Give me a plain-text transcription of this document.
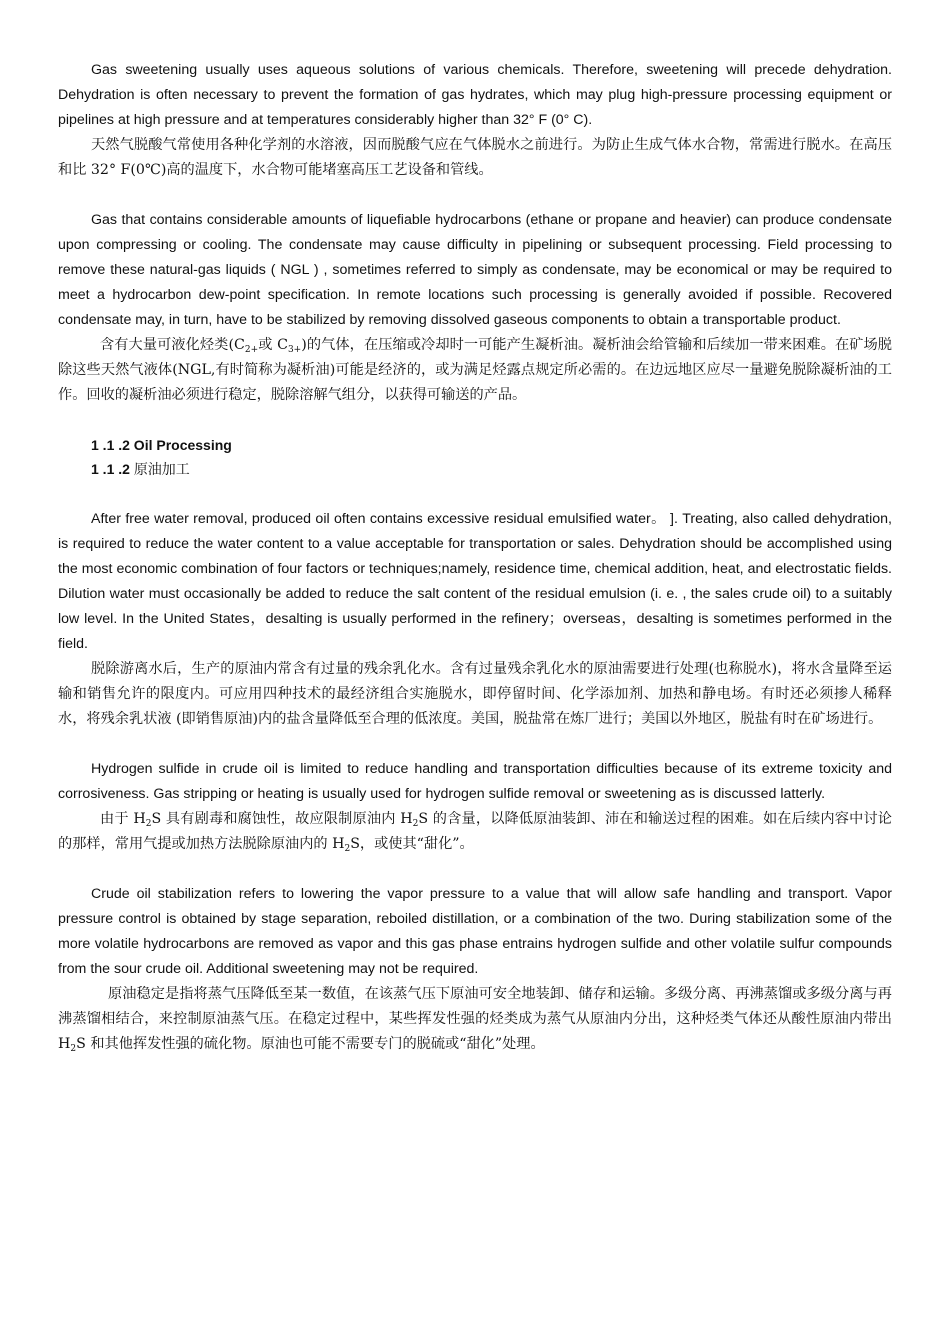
Gas sweetening usually uses aqueous solutions of various chemicals. Therefore, sweetening will precede dehydration. Dehydration is often necessary to prevent the formation of gas hydrates, which may plug high-pressure processing equipment or pipelines at high pressure and at temperatures considerably higher than 32° F (0° C).

天然气脱酸气常使用各种化学剂的水溶液，因而脱酸气应在气体脱水之前进行。为防止生成气体水合物，常需进行脱水。在高压和比 32° F(0℃)高的温度下，水合物可能堵塞高压工艺设备和管线。

Gas that contains considerable amounts of liquefiable hydrocarbons (ethane or propane and heavier) can produce condensate upon compressing or cooling. The condensate may cause difficulty in pipelining or subsequent processing. Field processing to remove these natural-gas liquids ( NGL ) , sometimes referred to simply as condensate, may be economical or may be required to meet a hydrocarbon dew-point specification. In remote locations such processing is generally avoided if possible. Recovered condensate may, in turn, have to be stabilized by removing dissolved gaseous components to obtain a transportable product.

含有大量可液化烃类($C_{2+}$或 $C_{3+}$)的气体，在压缩或冷却时一可能产生凝析油。凝析油会给管输和后续加一带来困难。在矿场脱除这些天然气液体(NGL,有时简称为凝析油)可能是经济的，或为满足烃露点规定所必需的。在边远地区应尽一量避免脱除凝析油的工作。回收的凝析油必须进行稳定，脱除溶解气组分，以获得可输送的产品。

1 .1 .2 Oil Processing

1 .1 .2 原油加工

After free water removal, produced oil often contains excessive residual emulsified water。 ]. Treating, also called dehydration, is required to reduce the water content to a value acceptable for transportation or sales. Dehydration should be accomplished using the most economic combination of four factors or techniques;namely, residence time, chemical addition, heat, and electrostatic fields. Dilution water must occasionally be added to reduce the salt content of the residual emulsion (i. e. , the sales crude oil) to a suitably low level. In the United States，desalting is usually performed in the refinery；overseas，desalting is sometimes performed in the field.

脱除游离水后，生产的原油内常含有过量的残余乳化水。含有过量残余乳化水的原油需要进行处理(也称脱水)，将水含量降至运输和销售允许的限度内。可应用四种技术的最经济组合实施脱水，即停留时间、化学添加剂、加热和静电场。有时还必须掺人稀释水，将残余乳状液 (即销售原油)内的盐含量降低至合理的低浓度。美国，脱盐常在炼厂进行；美国以外地区，脱盐有时在矿场进行。

Hydrogen sulfide in crude oil is limited to reduce handling and transportation difficulties because of its extreme toxicity and corrosiveness. Gas stripping or heating is usually used for hydrogen sulfide removal or sweetening as is discussed latterly.

由于 $H_2S$ 具有剧毒和腐蚀性，故应限制原油内 $H_2S$ 的含量，以降低原油装卸、沛在和输送过程的困难。如在后续内容中讨论的那样，常用气提或加热方法脱除原油内的 $H_2S$，或使其“甜化”。

Crude oil stabilization refers to lowering the vapor pressure to a value that will allow safe handling and transport. Vapor pressure control is obtained by stage separation, reboiled distillation, or a combination of the two. During stabilization some of the more volatile hydrocarbons are removed as vapor and this gas phase entrains hydrogen sulfide and other volatile sulfur compounds from the sour crude oil. Additional sweetening may not be required.

原油稳定是指将蒸气压降低至某一数值，在该蒸气压下原油可安全地装卸、储存和运输。多级分离、再沸蒸馏或多级分离与再沸蒸馏相结合，来控制原油蒸气压。在稳定过程中，某些挥发性强的烃类成为蒸气从原油内分出，这种烃类气体还从酸性原油内带出 $H_2S$ 和其他挥发性强的硫化物。原油也可能不需要专门的脱硫或“甜化”处理。
